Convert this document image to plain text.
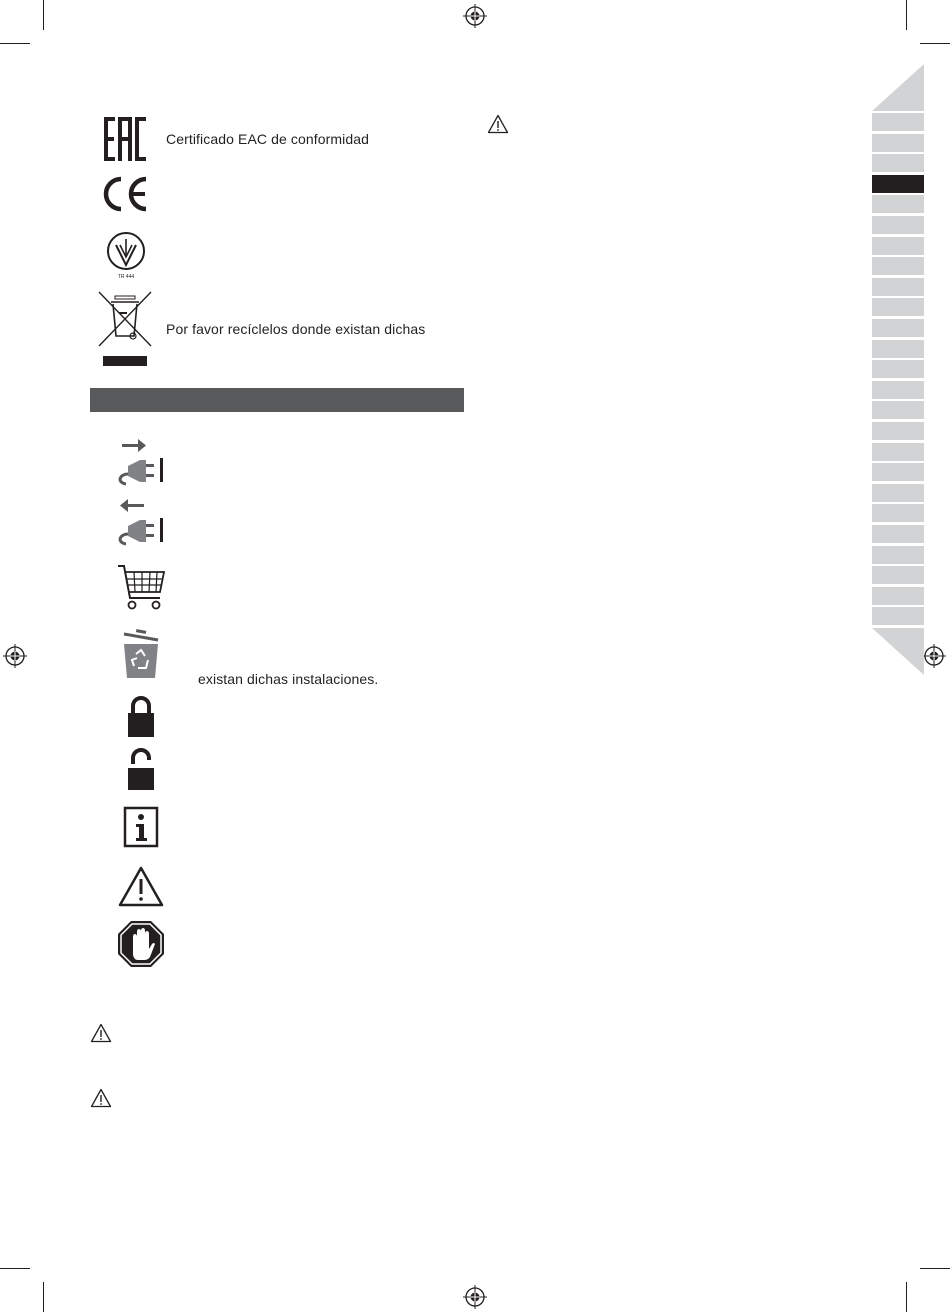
Certificado EAC de conformidad
TR 444
Por favor recíclelos donde existan dichas
existan dichas instalaciones.
